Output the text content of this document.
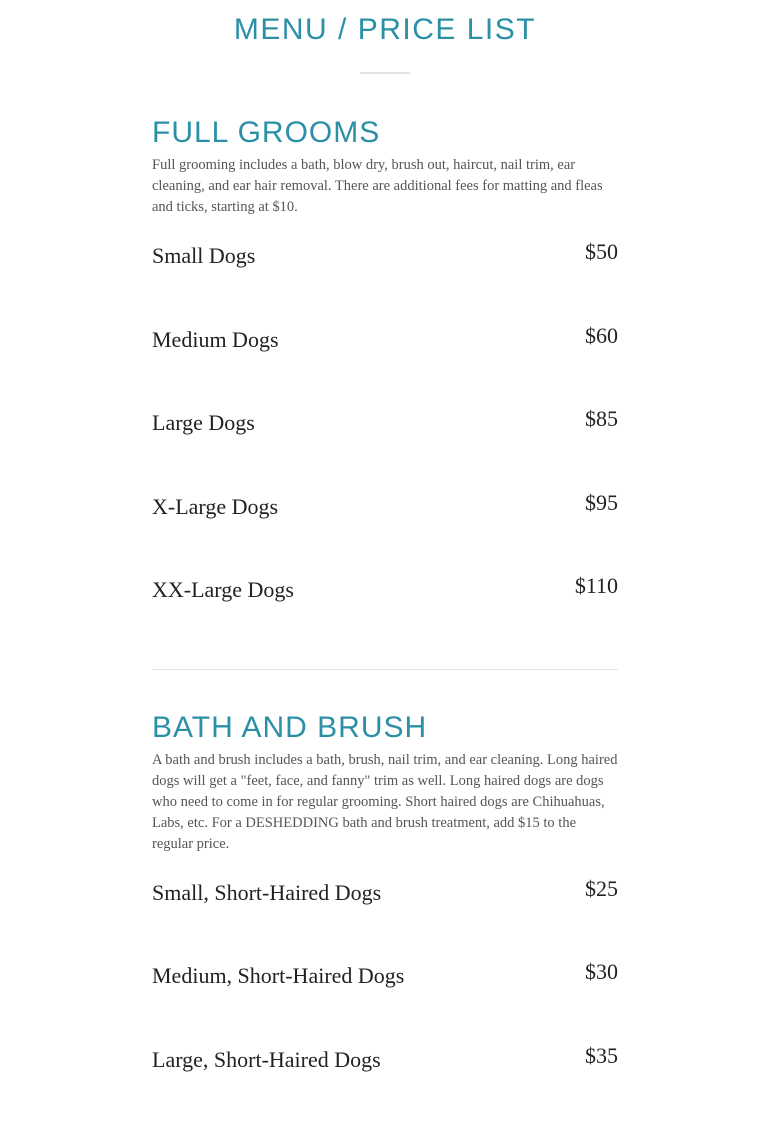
MENU / PRICE LIST
FULL GROOMS

Full grooming includes a bath, blow dry, brush out, haircut, nail trim, ear cleaning, and ear hair removal. There are additional fees for matting and fleas and ticks, starting at $10.

Small Dogs	$50
Medium Dogs	$60
Large Dogs	$85
X-Large Dogs	$95
XX-Large Dogs	$110
BATH AND BRUSH

A bath and brush includes a bath, brush, nail trim, and ear cleaning. Long haired dogs will get a "feet, face, and fanny" trim as well. Long haired dogs are dogs who need to come in for regular grooming. Short haired dogs are Chihuahuas, Labs, etc. For a DESHEDDING bath and brush treatment, add $15 to the regular price.

Small, Short-Haired Dogs	$25
Medium, Short-Haired Dogs	$30
Large, Short-Haired Dogs	$35
